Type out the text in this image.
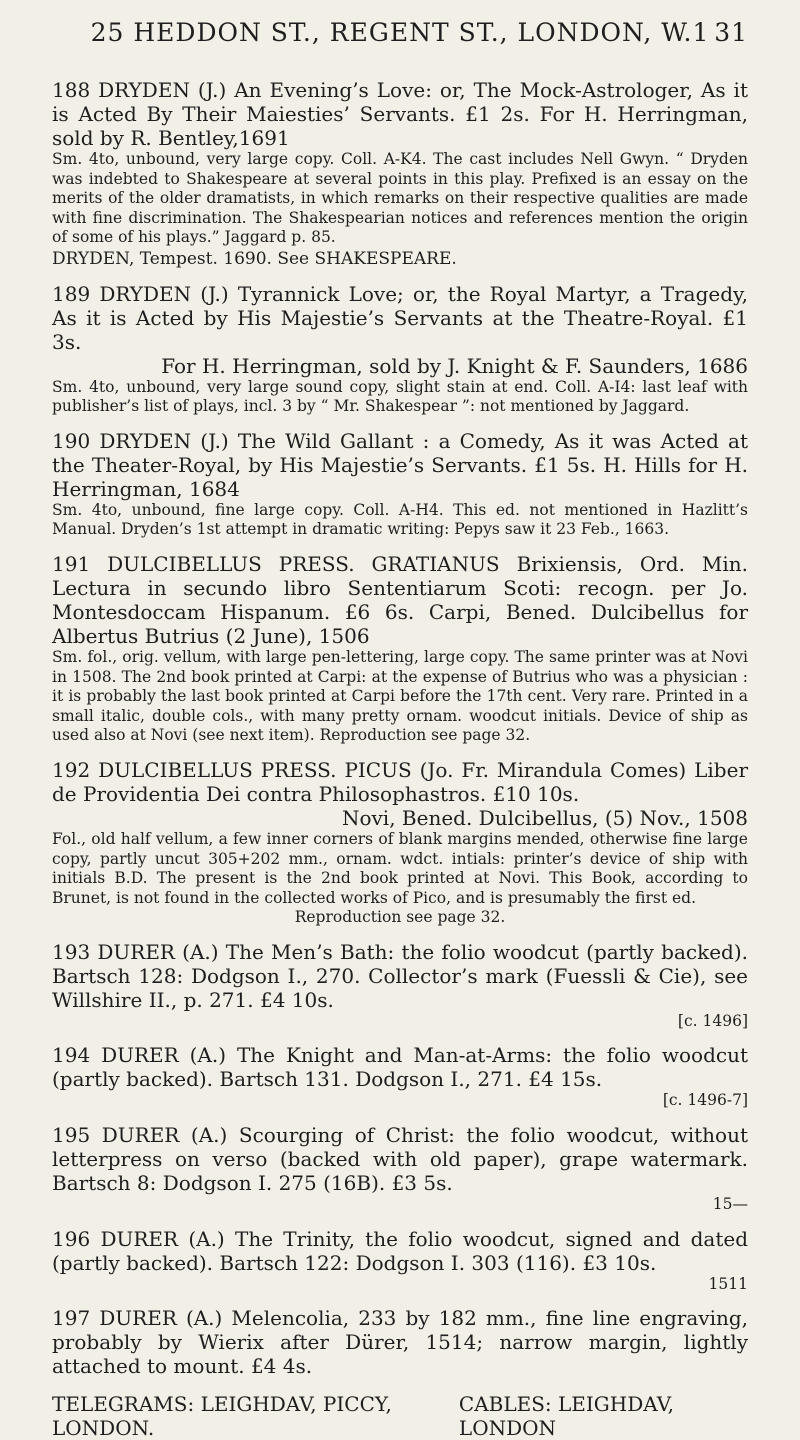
25 HEDDON ST., REGENT ST., LONDON, W.1 31
188 DRYDEN (J.) An Evening’s Love: or, The Mock-Astrologer, As it is Acted By Their Maiesties’ Servants. £1 2s. For H. Herringman, sold by R. Bentley,1691
Sm. 4to, unbound, very large copy. Coll. A-K4. The cast includes Nell Gwyn. “ Dryden was indebted to Shakespeare at several points in this play. Prefixed is an essay on the merits of the older dramatists, in which remarks on their respective qualities are made with fine discrimination. The Shakespearian notices and references mention the origin of some of his plays.” Jaggard p. 85.
DRYDEN, Tempest. 1690. See SHAKESPEARE.
189 DRYDEN (J.) Tyrannick Love; or, the Royal Martyr, a Tragedy, As it is Acted by His Majestie’s Servants at the Theatre-Royal. £1 3s.
For H. Herringman, sold by J. Knight & F. Saunders, 1686
Sm. 4to, unbound, very large sound copy, slight stain at end. Coll. A-I4: last leaf with publisher’s list of plays, incl. 3 by “ Mr. Shakespear ”: not mentioned by Jaggard.
190 DRYDEN (J.) The Wild Gallant : a Comedy, As it was Acted at the Theater-Royal, by His Majestie’s Servants. £1 5s. H. Hills for H. Herringman, 1684
Sm. 4to, unbound, fine large copy. Coll. A-H4. This ed. not mentioned in Hazlitt’s Manual. Dryden’s 1st attempt in dramatic writing: Pepys saw it 23 Feb., 1663.
191 DULCIBELLUS PRESS. GRATIANUS Brixiensis, Ord. Min. Lectura in secundo libro Sententiarum Scoti: recogn. per Jo. Montesdoccam Hispanum. £6 6s. Carpi, Bened. Dulcibellus for Albertus Butrius (2 June), 1506
Sm. fol., orig. vellum, with large pen-lettering, large copy. The same printer was at Novi in 1508. The 2nd book printed at Carpi: at the expense of Butrius who was a physician : it is probably the last book printed at Carpi before the 17th cent. Very rare. Printed in a small italic, double cols., with many pretty ornam. woodcut initials. Device of ship as used also at Novi (see next item). Reproduction see page 32.
192 DULCIBELLUS PRESS. PICUS (Jo. Fr. Mirandula Comes) Liber de Providentia Dei contra Philosophastros. £10 10s.
Novi, Bened. Dulcibellus, (5) Nov., 1508
Fol., old half vellum, a few inner corners of blank margins mended, otherwise fine large copy, partly uncut 305+202 mm., ornam. wdct. intials: printer’s device of ship with initials B.D. The present is the 2nd book printed at Novi. This Book, according to Brunet, is not found in the collected works of Pico, and is presumably the first ed.
Reproduction see page 32.
193 DURER (A.) The Men’s Bath: the folio woodcut (partly backed). Bartsch 128: Dodgson I., 270. Collector’s mark (Fuessli & Cie), see Willshire II., p. 271. £4 10s.
[c. 1496]
194 DURER (A.) The Knight and Man-at-Arms: the folio woodcut (partly backed). Bartsch 131. Dodgson I., 271. £4 15s.
[c. 1496-7]
195 DURER (A.) Scourging of Christ: the folio woodcut, without letterpress on verso (backed with old paper), grape watermark. Bartsch 8: Dodgson I. 275 (16B). £3 5s.
15—
196 DURER (A.) The Trinity, the folio woodcut, signed and dated (partly backed). Bartsch 122: Dodgson I. 303 (116). £3 10s.
1511
197 DURER (A.) Melencolia, 233 by 182 mm., fine line engraving, probably by Wierix after Dürer, 1514; narrow margin, lightly attached to mount. £4 4s.
TELEGRAMS: LEIGHDAV, PICCY, LONDON.
CABLES: LEIGHDAV, LONDON
